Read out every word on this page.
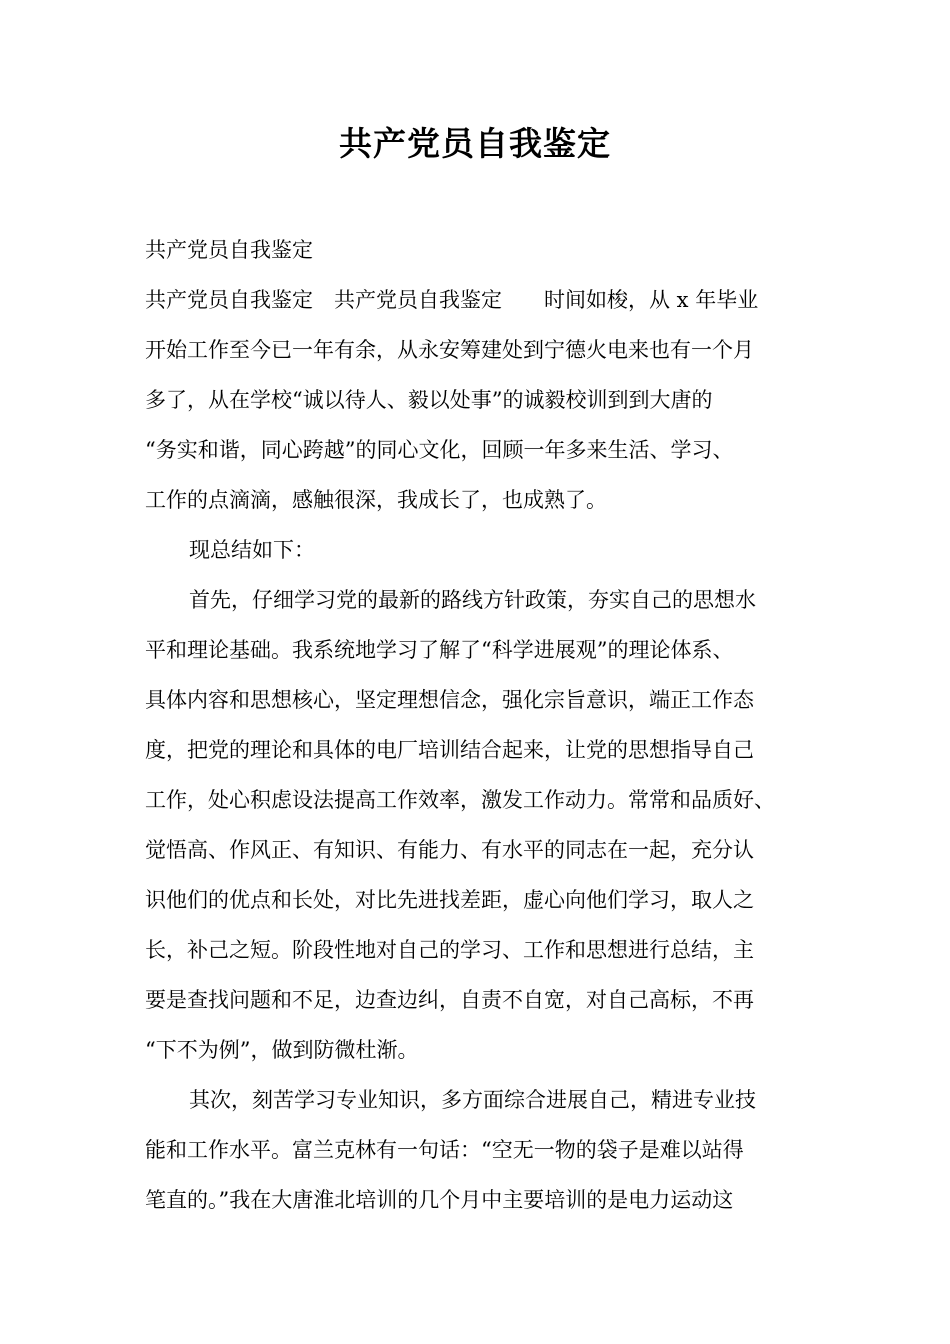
共产党员自我鉴定
共产党员自我鉴定
共产党员自我鉴定　共产党员自我鉴定　　时间如梭，从 x 年毕业
开始工作至今已一年有余，从永安筹建处到宁德火电来也有一个月
多了，从在学校“诚以待人、毅以处事”的诚毅校训到到大唐的
“务实和谐，同心跨越”的同心文化，回顾一年多来生活、学习、
工作的点滴滴，感触很深，我成长了，也成熟了。
现总结如下：
首先，仔细学习党的最新的路线方针政策，夯实自己的思想水
平和理论基础。我系统地学习了解了“科学进展观”的理论体系、
具体内容和思想核心，坚定理想信念，强化宗旨意识，端正工作态
度，把党的理论和具体的电厂培训结合起来，让党的思想指导自己
工作，处心积虑设法提高工作效率，激发工作动力。常常和品质好、
觉悟高、作风正、有知识、有能力、有水平的同志在一起，充分认
识他们的优点和长处，对比先进找差距，虚心向他们学习，取人之
长，补己之短。阶段性地对自己的学习、工作和思想进行总结，主
要是查找问题和不足，边查边纠，自责不自宽，对自己高标，不再
“下不为例”，做到防微杜渐。
其次，刻苦学习专业知识，多方面综合进展自己，精进专业技
能和工作水平。富兰克林有一句话：“空无一物的袋子是难以站得
笔直的。”我在大唐淮北培训的几个月中主要培训的是电力运动这
